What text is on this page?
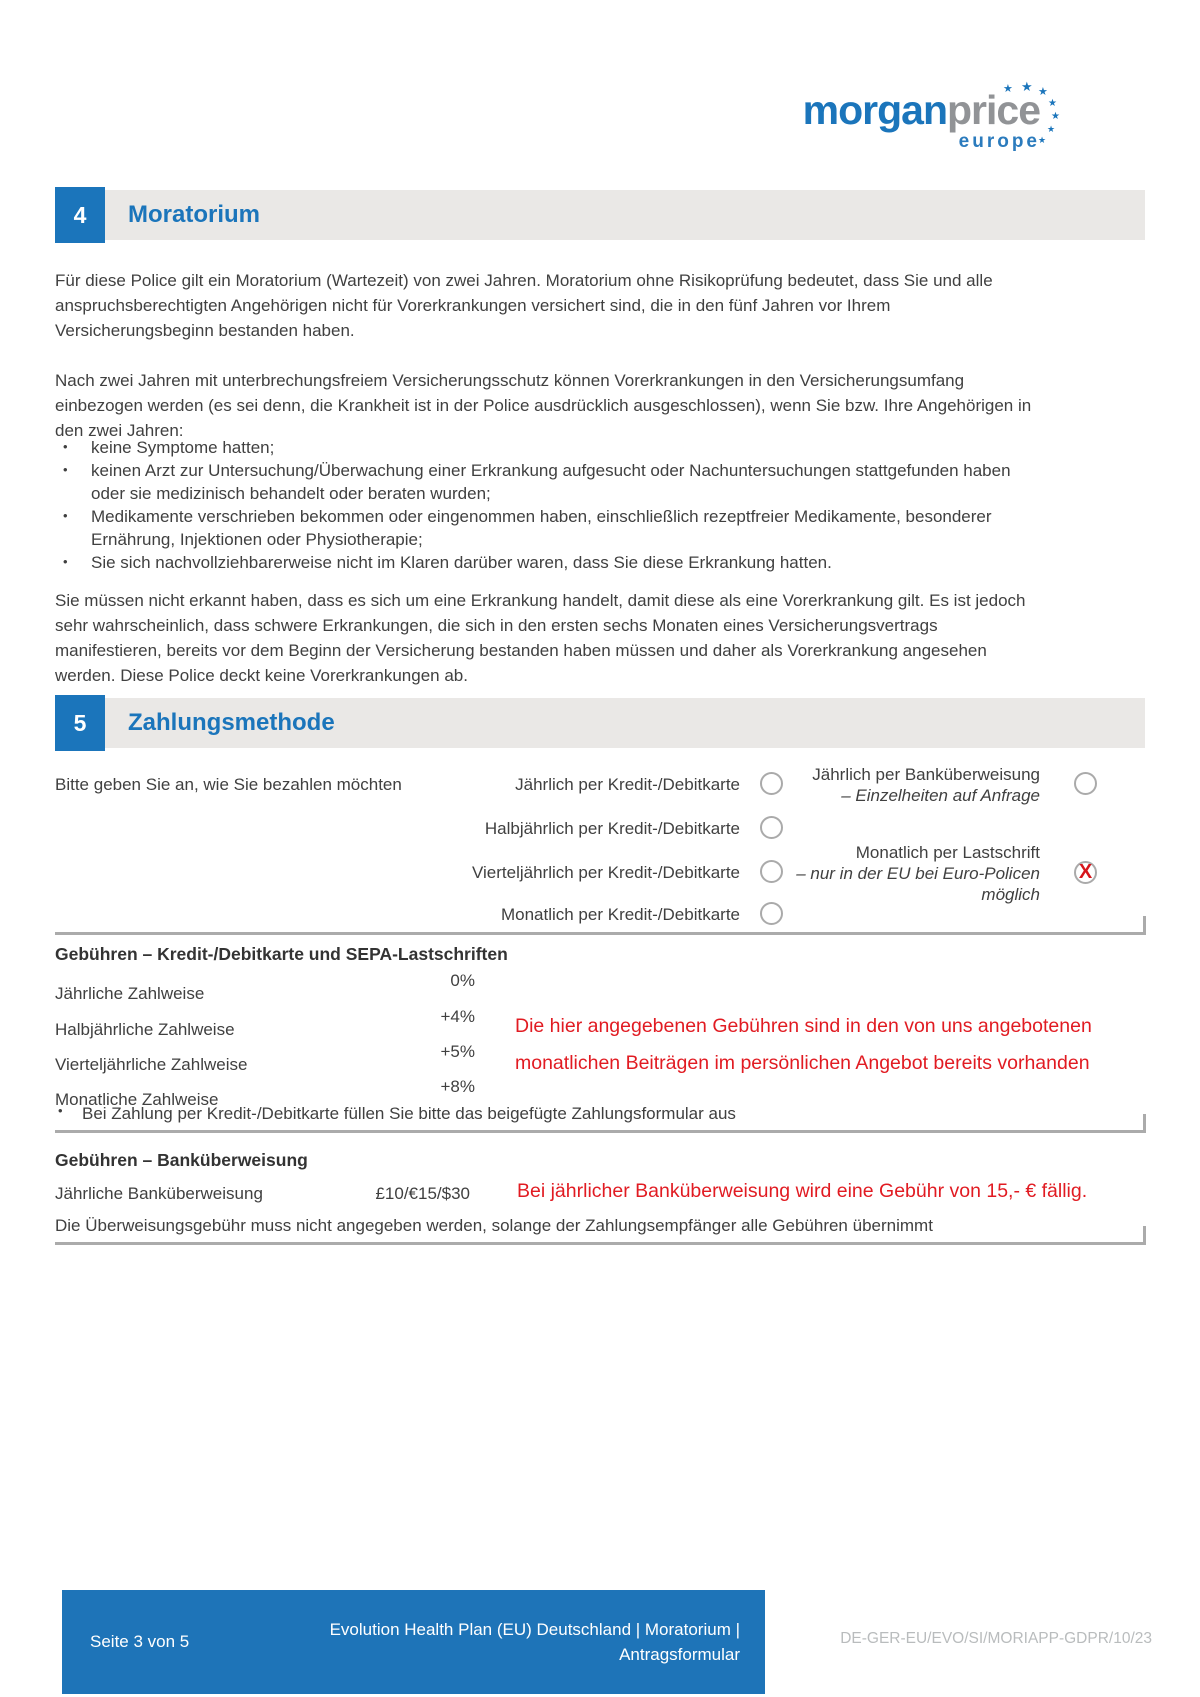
morganprice
europe
★
★
★
★
★
★
★
Moratorium
4
Für diese Police gilt ein Moratorium (Wartezeit) von zwei Jahren. Moratorium ohne Risikoprüfung bedeutet, dass Sie und alle anspruchsberechtigten Angehörigen nicht für Vorerkrankungen versichert sind, die in den fünf Jahren vor Ihrem Versicherungsbeginn bestanden haben.
Nach zwei Jahren mit unterbrechungsfreiem Versicherungsschutz können Vorerkrankungen in den Versicherungsumfang einbezogen werden (es sei denn, die Krankheit ist in der Police ausdrücklich ausgeschlossen), wenn Sie bzw. Ihre Angehörigen in den zwei Jahren:
• keine Symptome hatten;
• keinen Arzt zur Untersuchung/Überwachung einer Erkrankung aufgesucht oder Nachuntersuchungen stattgefunden haben oder sie medizinisch behandelt oder beraten wurden;
• Medikamente verschrieben bekommen oder eingenommen haben, einschließlich rezeptfreier Medikamente, besonderer Ernährung, Injektionen oder Physiotherapie;
• Sie sich nachvollziehbarerweise nicht im Klaren darüber waren, dass Sie diese Erkrankung hatten.
Sie müssen nicht erkannt haben, dass es sich um eine Erkrankung handelt, damit diese als eine Vorerkrankung gilt. Es ist jedoch sehr wahrscheinlich, dass schwere Erkrankungen, die sich in den ersten sechs Monaten eines Versicherungsvertrags manifestieren, bereits vor dem Beginn der Versicherung bestanden haben müssen und daher als Vorerkrankung angesehen werden. Diese Police deckt keine Vorerkrankungen ab.
Zahlungsmethode
5
Bitte geben Sie an, wie Sie bezahlen möchten	Jährlich per Kredit-/Debitkarte
Halbjährlich per Kredit-/Debitkarte
Vierteljährlich per Kredit-/Debitkarte
Monatlich per Kredit-/Debitkarte
Jährlich per Banküberweisung
– Einzelheiten auf Anfrage
Monatlich per Lastschrift
– nur in der EU bei Euro-Policen
möglich
X
Gebühren – Kredit-/Debitkarte und SEPA-Lastschriften
Jährliche Zahlweise
0%
Halbjährliche Zahlweise
+4%
Vierteljährliche Zahlweise
+5%
Monatliche Zahlweise
+8%
Die hier angegebenen Gebühren sind in den von uns angebotenen
monatlichen Beiträgen im persönlichen Angebot bereits vorhanden
• Bei Zahlung per Kredit-/Debitkarte füllen Sie bitte das beigefügte Zahlungsformular aus
Gebühren – Banküberweisung
Jährliche Banküberweisung	£10/€15/$30 Bei jährlicher Banküberweisung wird eine Gebühr von 15,- € fällig.
Die Überweisungsgebühr muss nicht angegeben werden, solange der Zahlungsempfänger alle Gebühren übernimmt
Seite 3 von 5
Evolution Health Plan (EU) Deutschland | Moratorium |
Antragsformular
DE-GER-EU/EVO/SI/MORIAPP-GDPR/10/23
